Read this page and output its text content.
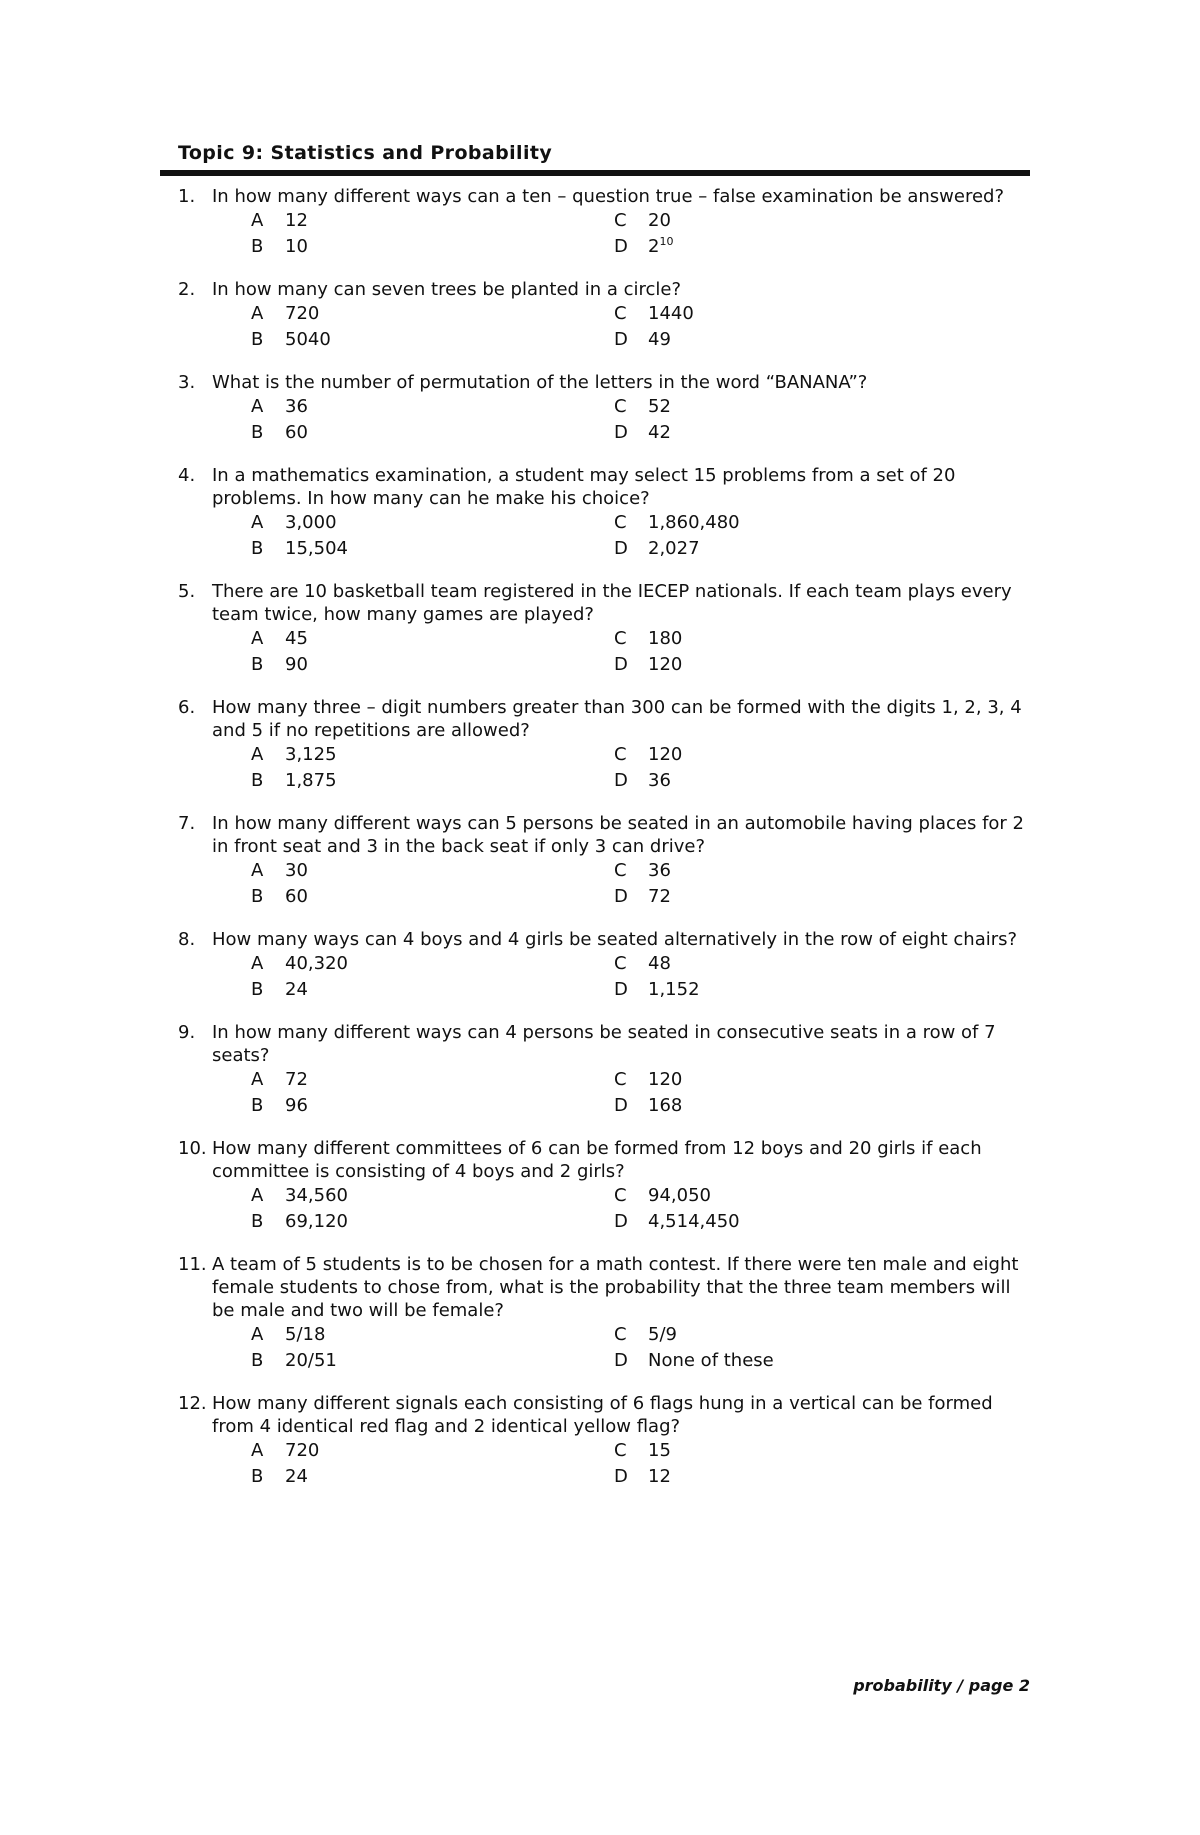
Topic 9: Statistics and Probability
1. In how many different ways can a ten – question true – false examination be answered?
A 12
B 10
C 20
D $2^{10}$
2. In how many can seven trees be planted in a circle?
A 720
B 5040
C 1440
D 49
3. What is the number of permutation of the letters in the word “BANANA”?
A 36
B 60
C 52
D 42
4. In a mathematics examination, a student may select 15 problems from a set of 20 problems. In how many can he make his choice?
A 3,000
B 15,504
C 1,860,480
D 2,027
5. There are 10 basketball team registered in the IECEP nationals. If each team plays every team twice, how many games are played?
A 45
B 90
C 180
D 120
6. How many three – digit numbers greater than 300 can be formed with the digits 1, 2, 3, 4 and 5 if no repetitions are allowed?
A 3,125
B 1,875
C 120
D 36
7. In how many different ways can 5 persons be seated in an automobile having places for 2 in front seat and 3 in the back seat if only 3 can drive?
A 30
B 60
C 36
D 72
8. How many ways can 4 boys and 4 girls be seated alternatively in the row of eight chairs?
A 40,320
B 24
C 48
D 1,152
9. In how many different ways can 4 persons be seated in consecutive seats in a row of 7 seats?
A 72
B 96
C 120
D 168
10. How many different committees of 6 can be formed from 12 boys and 20 girls if each committee is consisting of 4 boys and 2 girls?
A 34,560
B 69,120
C 94,050
D 4,514,450
11. A team of 5 students is to be chosen for a math contest. If there were ten male and eight female students to chose from, what is the probability that the three team members will be male and two will be female?
A 5/18
B 20/51
C 5/9
D None of these
12. How many different signals each consisting of 6 flags hung in a vertical can be formed from 4 identical red flag and 2 identical yellow flag?
A 720
B 24
C 15
D 12
probability / page 2
